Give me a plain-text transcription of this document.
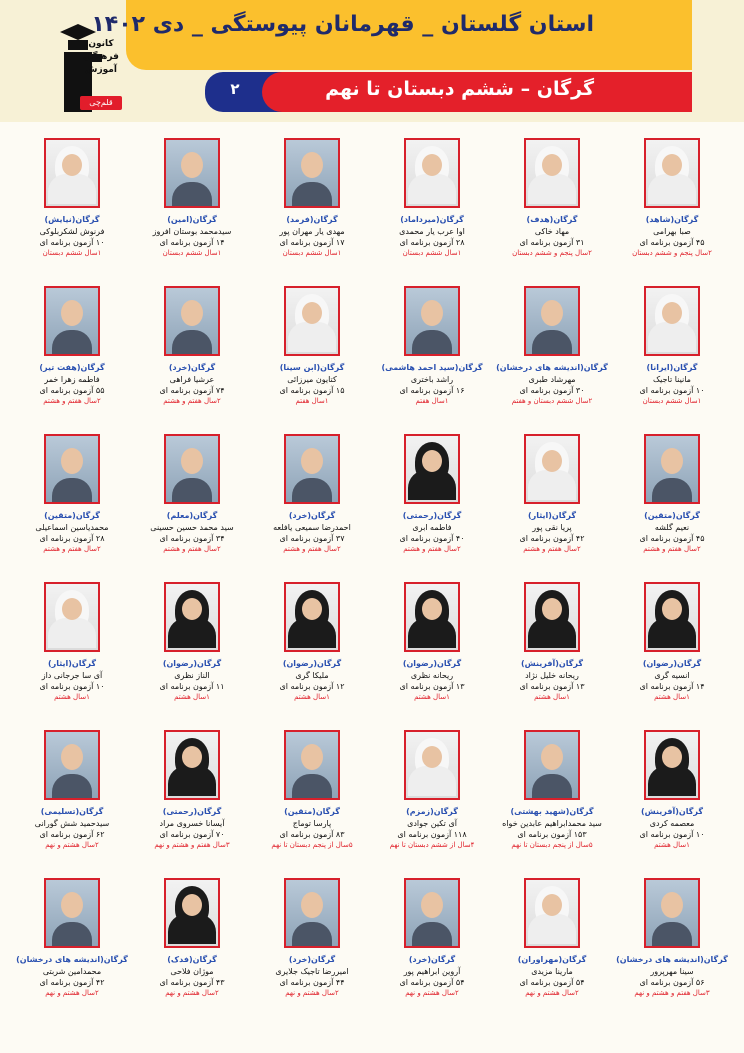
کانون
فرهنگی
آموزش
قلم‌چی
استان گلستان _ قهرمانان پیوستگی _ دی ۱۴۰۲
۲	گرگان – ششم دبستان تا نهم
گرگان(شاهد)
صبا بهرامی
۴۵ آزمون برنامه ای
۲سال پنجم و ششم دبستان
گرگان(هدف)
مهاد خاکی
۳۱ آزمون برنامه ای
۲سال پنجم و ششم دبستان
گرگان(میرداماد)
اوا عرب یار محمدی
۲۸ آزمون برنامه ای
۱سال ششم دبستان
گرگان(فرمد)
مهدی یار مهران پور
۱۷ آزمون برنامه ای
۱سال ششم دبستان
گرگان(امین)
سیدمحمد بوستان افروز
۱۴ آزمون برنامه ای
۱سال ششم دبستان
گرگان(نیایش)
فرنوش لشکربلوکی
۱۰ آزمون برنامه ای
۱سال ششم دبستان
گرگان(ایرانا)
مانینا تاجیک
۱۰ آزمون برنامه ای
۱سال ششم دبستان
گرگان(اندیشه های درخشان)
مهرشاد طبری
۳۰ آزمون برنامه ای
۲سال ششم دبستان و هفتم
گرگان(سید احمد هاشمی)
راشد باختری
۱۶ آزمون برنامه ای
۱سال هفتم
گرگان(ابن سینا)
کتایون میرزائی
۱۵ آزمون برنامه ای
۱سال هفتم
گرگان(خرد)
عرشیا فراهی
۷۴ آزمون برنامه ای
۲سال هفتم و هشتم
گرگان(هفت تیر)
فاطمه زهرا خمر
۵۵ آزمون برنامه ای
۲سال هفتم و هشتم
گرگان(متقین)
نعیم گلشه
۴۵ آزمون برنامه ای
۲سال هفتم و هشتم
گرگان(ایثار)
پریا نقی پور
۴۲ آزمون برنامه ای
۲سال هفتم و هشتم
گرگان(رحمتی)
فاطمه ابری
۴۰ آزمون برنامه ای
۲سال هفتم و هشتم
گرگان(خرد)
احمدرضا سمیعی یافلعه
۳۷ آزمون برنامه ای
۲سال هفتم و هشتم
گرگان(معلم)
سید محمد حسین حسینی
۳۴ آزمون برنامه ای
۲سال هفتم و هشتم
گرگان(متقین)
محمدیاسین اسماعیلی
۲۸ آزمون برنامه ای
۲سال هفتم و هشتم
گرگان(رضوان)
انسیه گری
۱۴ آزمون برنامه ای
۱سال هشتم
گرگان(آفرینش)
ریحانه خلیل نژاد
۱۳ آزمون برنامه ای
۱سال هشتم
گرگان(رضوان)
ریحانه نظری
۱۳ آزمون برنامه ای
۱سال هشتم
گرگان(رضوان)
ملیکا گری
۱۲ آزمون برنامه ای
۱سال هشتم
گرگان(رضوان)
الناز نظری
۱۱ آزمون برنامه ای
۱سال هشتم
گرگان(ایثار)
آی سا جرجانی داز
۱۰ آزمون برنامه ای
۱سال هشتم
گرگان(آفرینش)
معصمه کردی
۱۰ آزمون برنامه ای
۱سال هشتم
گرگان(شهید بهشتی)
سید محمدابراهیم عابدین خواه
۱۵۳ آزمون برنامه ای
۵سال از پنجم دبستان تا نهم
گرگان(زمزم)
آی تکین جوادی
۱۱۸ آزمون برنامه ای
۴سال از ششم دبستان تا نهم
گرگان(متقین)
پارسا توماج
۸۳ آزمون برنامه ای
۵سال از پنجم دبستان تا نهم
گرگان(رحمتی)
آیسانا خسروی مراد
۷۰ آزمون برنامه ای
۳سال هفتم و هشتم و نهم
گرگان(تسلیمی)
سیدحمید شش گورانی
۶۲ آزمون برنامه ای
۲سال هشتم و نهم
گرگان(اندیشه های درخشان)
سینا مهرپرور
۵۶ آزمون برنامه ای
۳سال هفتم و هشتم و نهم
گرگان(مهراوران)
مارینا مزیدی
۵۴ آزمون برنامه ای
۲سال هشتم و نهم
گرگان(خرد)
آروین ابراهیم پور
۵۴ آزمون برنامه ای
۲سال هشتم و نهم
گرگان(خرد)
امیررضا تاجیک جلایری
۴۴ آزمون برنامه ای
۲سال هشتم و نهم
گرگان(فدک)
موژان فلاحی
۴۳ آزمون برنامه ای
۲سال هشتم و نهم
گرگان(اندیشه های درخشان)
محمدامین شربتی
۴۲ آزمون برنامه ای
۲سال هشتم و نهم
